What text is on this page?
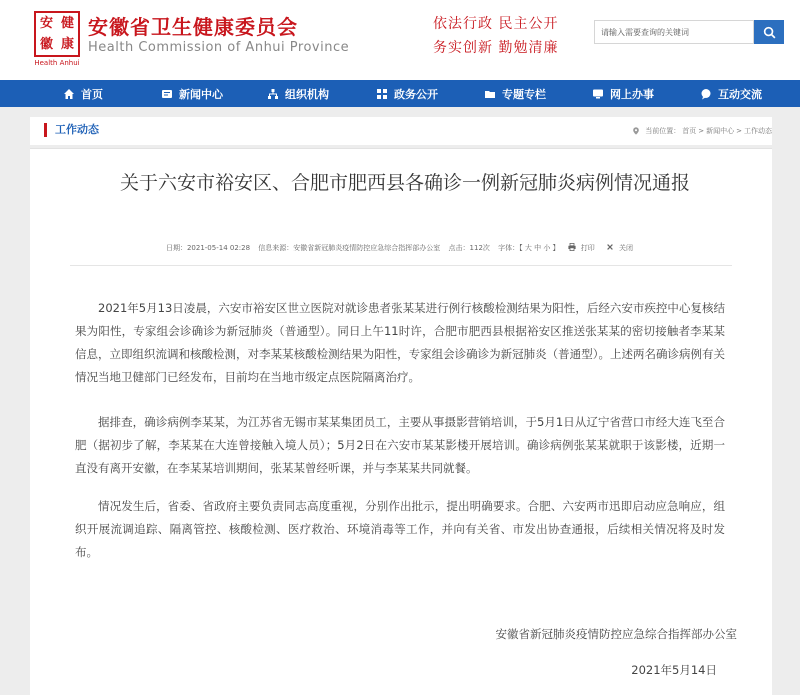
安 健
徽 康
Health Anhui
安徽省卫生健康委员会
Health Commission of Anhui Province
依法行政 民主公开
务实创新 勤勉清廉
请输入需要查询的关键词
首页	新闻中心	组织机构	政务公开	专题专栏	网上办事	互动交流
工作动态	当前位置： 首页 > 新闻中心 > 工作动态
关于六安市裕安区、合肥市肥西县各确诊一例新冠肺炎病例情况通报
日期：2021-05-14 02:28 信息来源：安徽省新冠肺炎疫情防控应急综合指挥部办公室 点击：112次 字体：【 大 中 小 】	打印	关闭

2021年5月13日凌晨，六安市裕安区世立医院对就诊患者张某某进行例行核酸检测结果为阳性，后经六安市疾控中心复核结果为阳性，专家组会诊确诊为新冠肺炎（普通型）。同日上午11时许，合肥市肥西县根据裕安区推送张某某的密切接触者李某某信息，立即组织流调和核酸检测，对李某某核酸检测结果为阳性，专家组会诊确诊为新冠肺炎（普通型）。上述两名确诊病例有关情况当地卫健部门已经发布，目前均在当地市级定点医院隔离治疗。

据排查，确诊病例李某某，为江苏省无锡市某某集团员工，主要从事摄影营销培训，于5月1日从辽宁省营口市经大连飞至合肥（据初步了解，李某某在大连曾接触入境人员）；5月2日在六安市某某影楼开展培训。确诊病例张某某就职于该影楼，近期一直没有离开安徽，在李某某培训期间，张某某曾经听课，并与李某某共同就餐。

情况发生后，省委、省政府主要负责同志高度重视，分别作出批示，提出明确要求。合肥、六安两市迅即启动应急响应，组织开展流调追踪、隔离管控、核酸检测、医疗救治、环境消毒等工作，并向有关省、市发出协查通报，后续相关情况将及时发布。

安徽省新冠肺炎疫情防控应急综合指挥部办公室
2021年5月14日
